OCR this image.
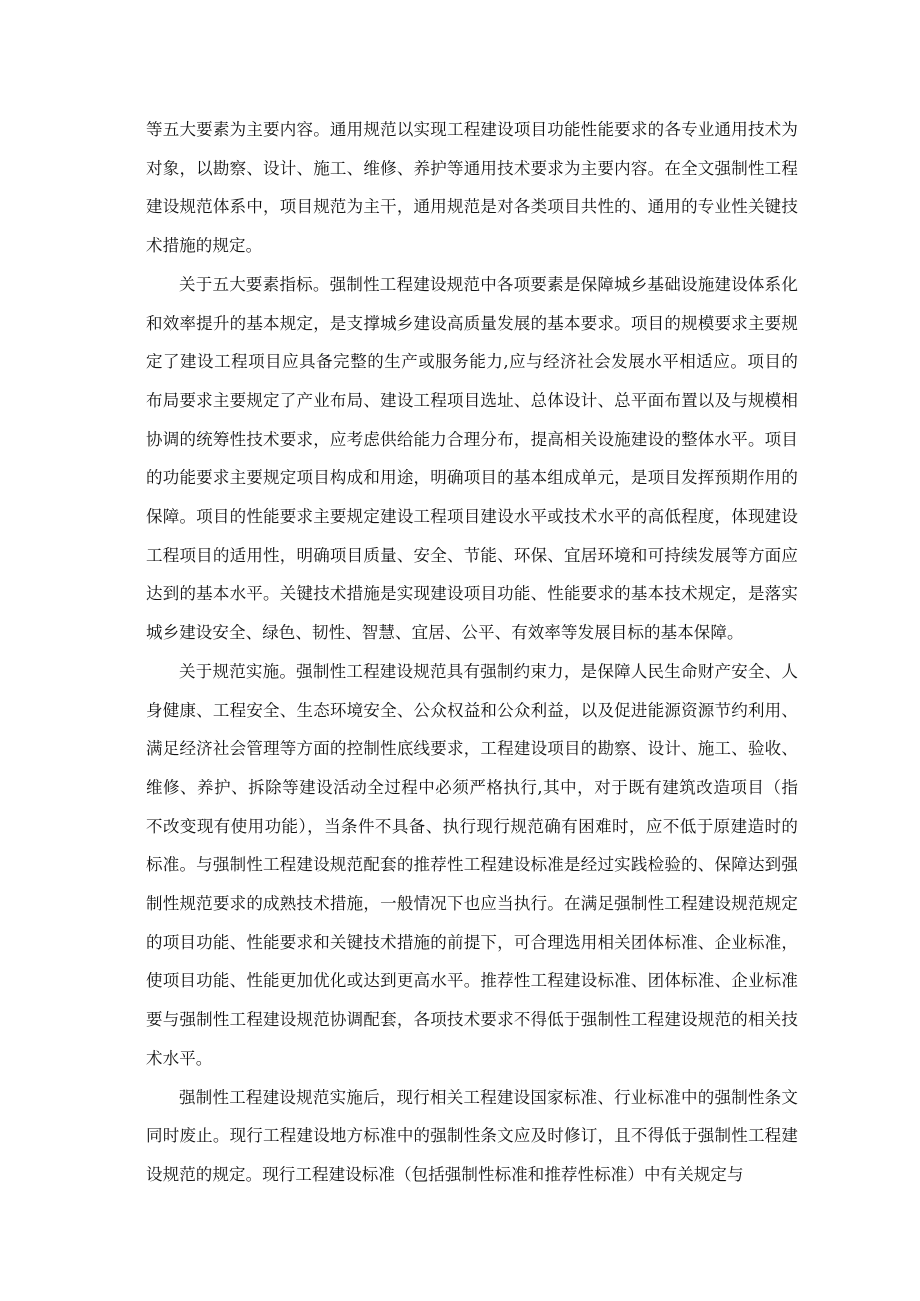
等五大要素为主要内容。通用规范以实现工程建设项目功能性能要求的各专业通用技术为对象，以勘察、设计、施工、维修、养护等通用技术要求为主要内容。在全文强制性工程建设规范体系中，项目规范为主干，通用规范是对各类项目共性的、通用的专业性关键技术措施的规定。

关于五大要素指标。强制性工程建设规范中各项要素是保障城乡基础设施建设体系化和效率提升的基本规定，是支撑城乡建设高质量发展的基本要求。项目的规模要求主要规定了建设工程项目应具备完整的生产或服务能力,应与经济社会发展水平相适应。项目的布局要求主要规定了产业布局、建设工程项目选址、总体设计、总平面布置以及与规模相协调的统筹性技术要求，应考虑供给能力合理分布，提高相关设施建设的整体水平。项目的功能要求主要规定项目构成和用途，明确项目的基本组成单元，是项目发挥预期作用的保障。项目的性能要求主要规定建设工程项目建设水平或技术水平的高低程度，体现建设工程项目的适用性，明确项目质量、安全、节能、环保、宜居环境和可持续发展等方面应达到的基本水平。关键技术措施是实现建设项目功能、性能要求的基本技术规定，是落实城乡建设安全、绿色、韧性、智慧、宜居、公平、有效率等发展目标的基本保障。

关于规范实施。强制性工程建设规范具有强制约束力，是保障人民生命财产安全、人身健康、工程安全、生态环境安全、公众权益和公众利益，以及促进能源资源节约利用、满足经济社会管理等方面的控制性底线要求，工程建设项目的勘察、设计、施工、验收、维修、养护、拆除等建设活动全过程中必须严格执行,其中，对于既有建筑改造项目（指不改变现有使用功能），当条件不具备、执行现行规范确有困难时，应不低于原建造时的标准。与强制性工程建设规范配套的推荐性工程建设标准是经过实践检验的、保障达到强制性规范要求的成熟技术措施，一般情况下也应当执行。在满足强制性工程建设规范规定的项目功能、性能要求和关键技术措施的前提下，可合理选用相关团体标准、企业标准，使项目功能、性能更加优化或达到更高水平。推荐性工程建设标准、团体标准、企业标准要与强制性工程建设规范协调配套，各项技术要求不得低于强制性工程建设规范的相关技术水平。

强制性工程建设规范实施后，现行相关工程建设国家标准、行业标准中的强制性条文同时废止。现行工程建设地方标准中的强制性条文应及时修订，且不得低于强制性工程建设规范的规定。现行工程建设标准（包括强制性标准和推荐性标准）中有关规定与
